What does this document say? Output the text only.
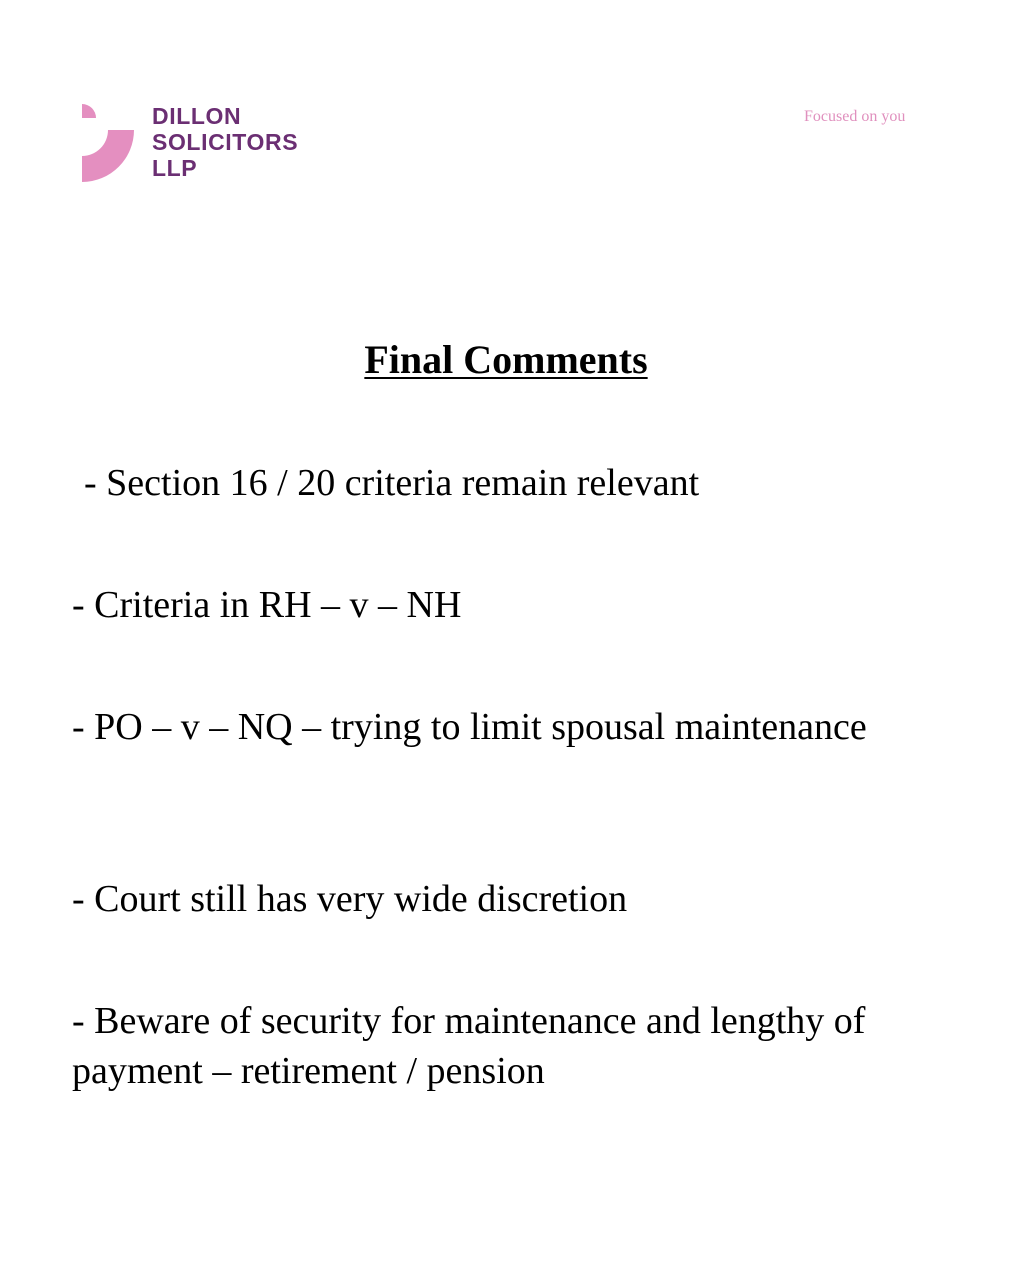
DILLON
SOLICITORS
LLP
Focused on you
Final Comments

- Section 16 / 20 criteria remain relevant

- Criteria in RH – v – NH

- PO – v – NQ – trying to limit spousal maintenance

- Court still has very wide discretion

- Beware of security for maintenance and lengthy of payment – retirement / pension
